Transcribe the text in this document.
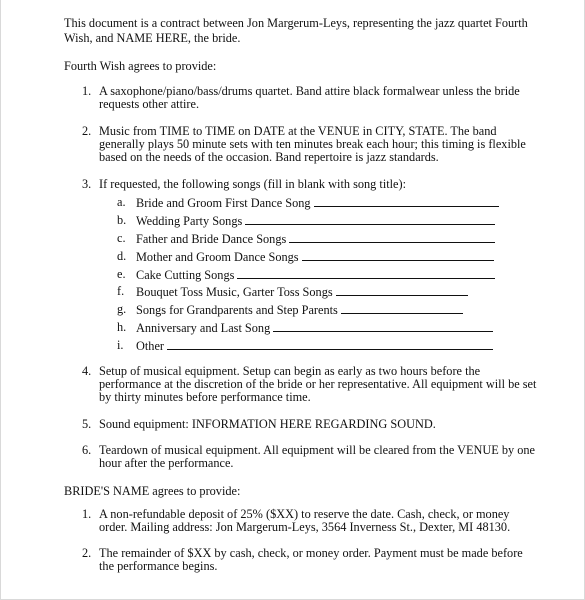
This document is a contract between Jon Margerum-Leys, representing the jazz quartet Fourth

Wish, and NAME HERE, the bride.

Fourth Wish agrees to provide:

1. A saxophone/piano/bass/drums quartet. Band attire black formalwear unless the bride

requests other attire.

2. Music from TIME to TIME on DATE at the VENUE in CITY, STATE. The band

generally plays 50 minute sets with ten minutes break each hour; this timing is flexible

based on the needs of the occasion. Band repertoire is jazz standards.

3. If requested, the following songs (fill in blank with song title):

a. Bride and Groom First Dance Song

b. Wedding Party Songs

c. Father and Bride Dance Songs

d. Mother and Groom Dance Songs

e. Cake Cutting Songs

f. Bouquet Toss Music, Garter Toss Songs

g. Songs for Grandparents and Step Parents

h. Anniversary and Last Song

i. Other

4. Setup of musical equipment. Setup can begin as early as two hours before the

performance at the discretion of the bride or her representative. All equipment will be set

by thirty minutes before performance time.

5. Sound equipment: INFORMATION HERE REGARDING SOUND.

6. Teardown of musical equipment. All equipment will be cleared from the VENUE by one

hour after the performance.

BRIDE'S NAME agrees to provide:

1. A non-refundable deposit of 25% ($XX) to reserve the date. Cash, check, or money

order. Mailing address: Jon Margerum-Leys, 3564 Inverness St., Dexter, MI 48130.

2. The remainder of $XX by cash, check, or money order. Payment must be made before

the performance begins.
